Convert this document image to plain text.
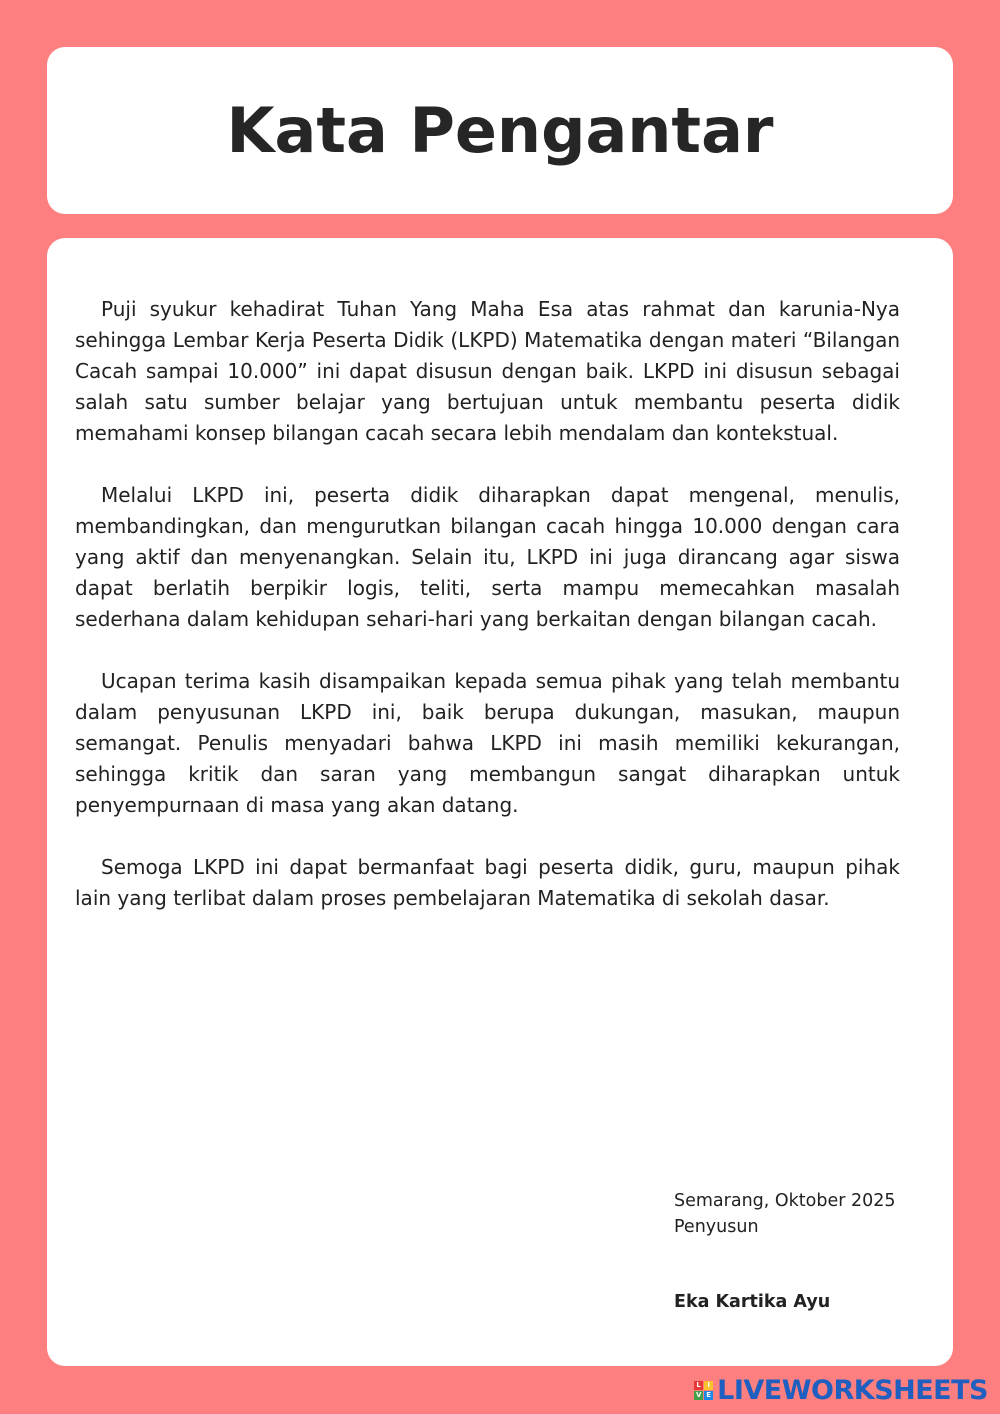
Kata Pengantar

Puji syukur kehadirat Tuhan Yang Maha Esa atas rahmat dan karunia-Nya sehingga Lembar Kerja Peserta Didik (LKPD) Matematika dengan materi “Bilangan Cacah sampai 10.000” ini dapat disusun dengan baik. LKPD ini disusun sebagai salah satu sumber belajar yang bertujuan untuk membantu peserta didik memahami konsep bilangan cacah secara lebih mendalam dan kontekstual.

Melalui LKPD ini, peserta didik diharapkan dapat mengenal, menulis, membandingkan, dan mengurutkan bilangan cacah hingga 10.000 dengan cara yang aktif dan menyenangkan. Selain itu, LKPD ini juga dirancang agar siswa dapat berlatih berpikir logis, teliti, serta mampu memecahkan masalah sederhana dalam kehidupan sehari-hari yang berkaitan dengan bilangan cacah.

Ucapan terima kasih disampaikan kepada semua pihak yang telah membantu dalam penyusunan LKPD ini, baik berupa dukungan, masukan, maupun semangat. Penulis menyadari bahwa LKPD ini masih memiliki kekurangan, sehingga kritik dan saran yang membangun sangat diharapkan untuk penyempurnaan di masa yang akan datang.

Semoga LKPD ini dapat bermanfaat bagi peserta didik, guru, maupun pihak lain yang terlibat dalam proses pembelajaran Matematika di sekolah dasar.

Semarang, Oktober 2025
Penyusun
Eka Kartika Ayu
L I
V E LIVEWORKSHEETS
